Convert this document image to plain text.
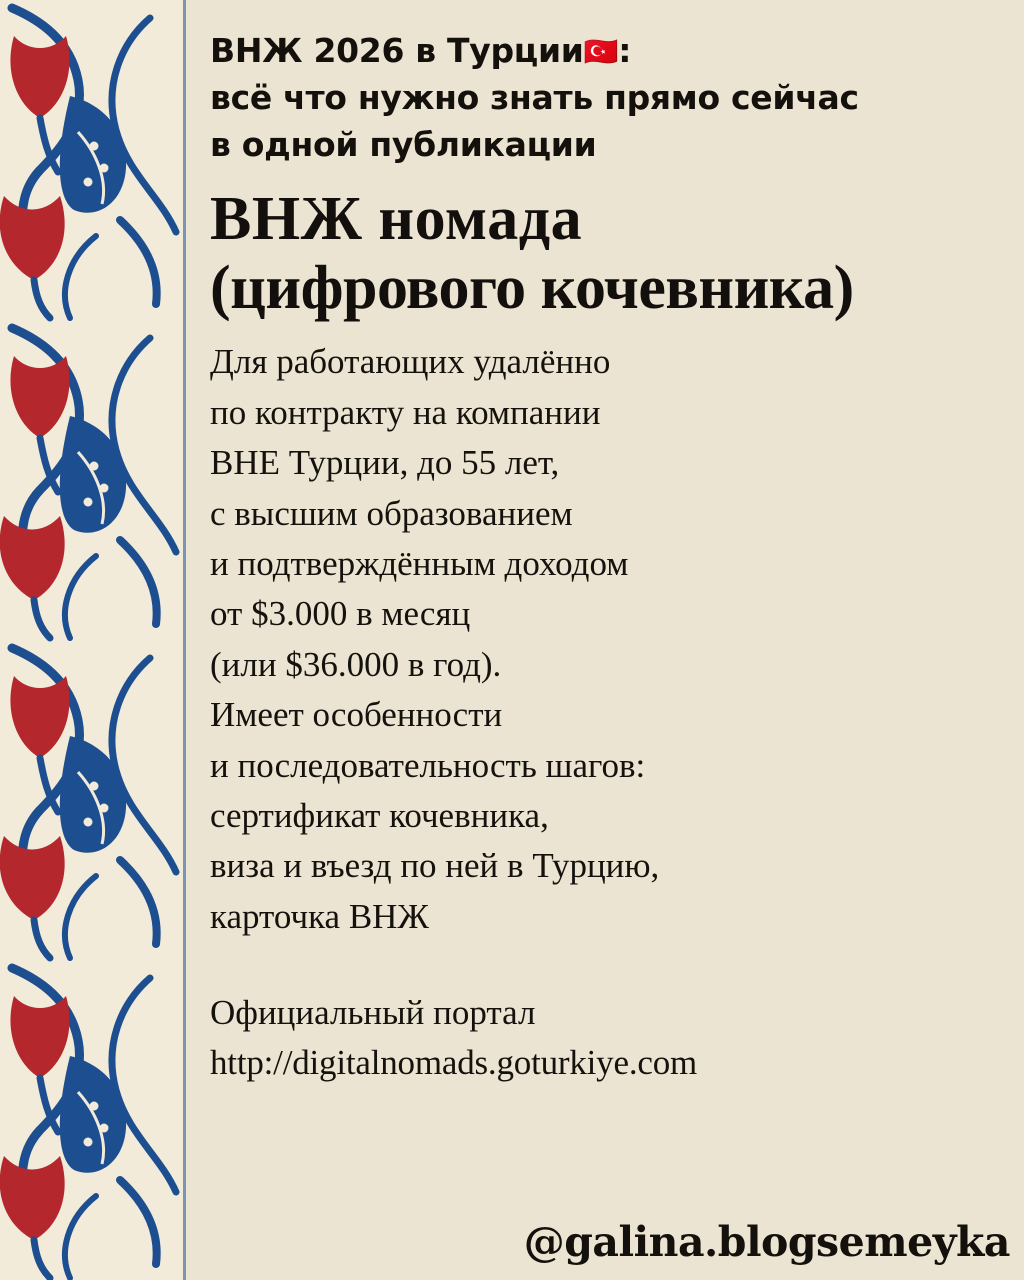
ВНЖ 2026 в Турции🇹🇷:
всё что нужно знать прямо сейчас
в одной публикации
ВНЖ номада
(цифрового кочевника)
Для работающих удалённо
по контракту на компании
ВНЕ Турции, до 55 лет,
с высшим образованием
и подтверждённым доходом
от $3.000 в месяц
(или $36.000 в год).
Имеет особенности
и последовательность шагов:
сертификат кочевника,
виза и въезд по ней в Турцию,
карточка ВНЖ
Официальный портал
http://digitalnomads.goturkiye.com
@galina.blogsemeyka
